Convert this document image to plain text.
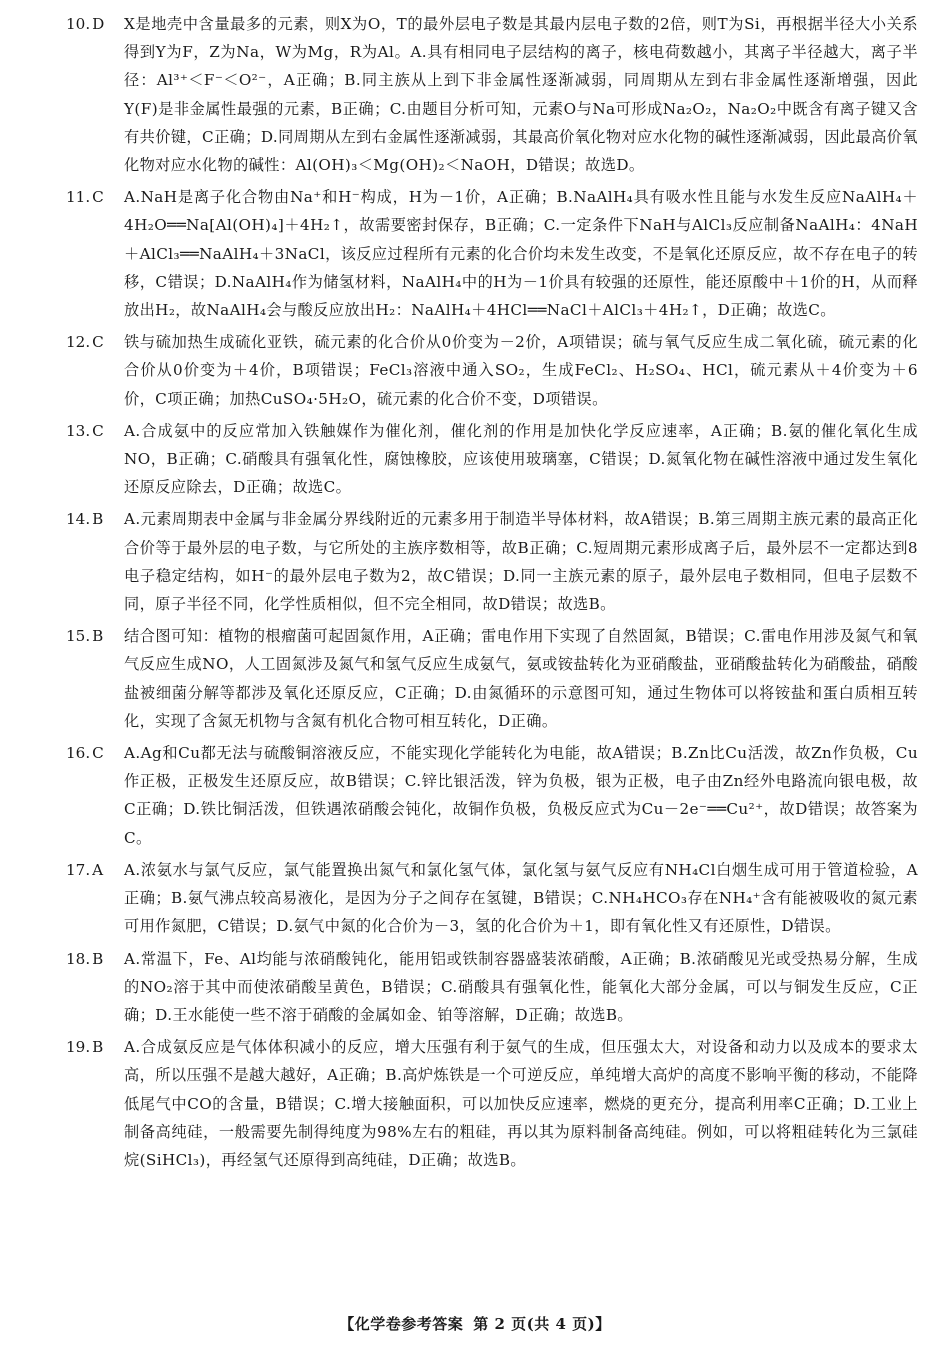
10. D	X是地壳中含量最多的元素，则X为O，T的最外层电子数是其最内层电子数的2倍，则T为Si，再根据半径大小关系得到Y为F，Z为Na，W为Mg，R为Al。A.具有相同电子层结构的离子，核电荷数越小，其离子半径越大，离子半径：Al³⁺＜F⁻＜O²⁻，A正确；B.同主族从上到下非金属性逐渐减弱，同周期从左到右非金属性逐渐增强，因此Y(F)是非金属性最强的元素，B正确；C.由题目分析可知，元素O与Na可形成Na₂O₂，Na₂O₂中既含有离子键又含有共价键，C正确；D.同周期从左到右金属性逐渐减弱，其最高价氧化物对应水化物的碱性逐渐减弱，因此最高价氧化物对应水化物的碱性：Al(OH)₃＜Mg(OH)₂＜NaOH，D错误；故选D。
11. C	A.NaH是离子化合物由Na⁺和H⁻构成，H为－1价，A正确；B.NaAlH₄具有吸水性且能与水发生反应NaAlH₄＋4H₂O══Na[Al(OH)₄]＋4H₂↑，故需要密封保存，B正确；C.一定条件下NaH与AlCl₃反应制备NaAlH₄：4NaH＋AlCl₃══NaAlH₄＋3NaCl，该反应过程所有元素的化合价均未发生改变，不是氧化还原反应，故不存在电子的转移，C错误；D.NaAlH₄作为储氢材料，NaAlH₄中的H为－1价具有较强的还原性，能还原酸中＋1价的H，从而释放出H₂，故NaAlH₄会与酸反应放出H₂：NaAlH₄＋4HCl══NaCl＋AlCl₃＋4H₂↑，D正确；故选C。
12. C	铁与硫加热生成硫化亚铁，硫元素的化合价从0价变为－2价，A项错误；硫与氧气反应生成二氧化硫，硫元素的化合价从0价变为＋4价，B项错误；FeCl₃溶液中通入SO₂，生成FeCl₂、H₂SO₄、HCl，硫元素从＋4价变为＋6价，C项正确；加热CuSO₄·5H₂O，硫元素的化合价不变，D项错误。
13. C	A.合成氨中的反应常加入铁触媒作为催化剂，催化剂的作用是加快化学反应速率，A正确；B.氨的催化氧化生成NO，B正确；C.硝酸具有强氧化性，腐蚀橡胶，应该使用玻璃塞，C错误；D.氮氧化物在碱性溶液中通过发生氧化还原反应除去，D正确；故选C。
14. B	A.元素周期表中金属与非金属分界线附近的元素多用于制造半导体材料，故A错误；B.第三周期主族元素的最高正化合价等于最外层的电子数，与它所处的主族序数相等，故B正确；C.短周期元素形成离子后，最外层不一定都达到8电子稳定结构，如H⁻的最外层电子数为2，故C错误；D.同一主族元素的原子，最外层电子数相同，但电子层数不同，原子半径不同，化学性质相似，但不完全相同，故D错误；故选B。
15. B	结合图可知：植物的根瘤菌可起固氮作用，A正确；雷电作用下实现了自然固氮，B错误；C.雷电作用涉及氮气和氧气反应生成NO，人工固氮涉及氮气和氢气反应生成氨气，氨或铵盐转化为亚硝酸盐，亚硝酸盐转化为硝酸盐，硝酸盐被细菌分解等都涉及氧化还原反应，C正确；D.由氮循环的示意图可知，通过生物体可以将铵盐和蛋白质相互转化，实现了含氮无机物与含氮有机化合物可相互转化，D正确。
16. C	A.Ag和Cu都无法与硫酸铜溶液反应，不能实现化学能转化为电能，故A错误；B.Zn比Cu活泼，故Zn作负极，Cu作正极，正极发生还原反应，故B错误；C.锌比银活泼，锌为负极，银为正极，电子由Zn经外电路流向银电极，故C正确；D.铁比铜活泼，但铁遇浓硝酸会钝化，故铜作负极，负极反应式为Cu－2e⁻══Cu²⁺，故D错误；故答案为C。
17. A	A.浓氨水与氯气反应，氯气能置换出氮气和氯化氢气体，氯化氢与氨气反应有NH₄Cl白烟生成可用于管道检验，A正确；B.氨气沸点较高易液化，是因为分子之间存在氢键，B错误；C.NH₄HCO₃存在NH₄⁺含有能被吸收的氮元素可用作氮肥，C错误；D.氨气中氮的化合价为－3，氢的化合价为＋1，即有氧化性又有还原性，D错误。
18. B	A.常温下，Fe、Al均能与浓硝酸钝化，能用铝或铁制容器盛装浓硝酸，A正确；B.浓硝酸见光或受热易分解，生成的NO₂溶于其中而使浓硝酸呈黄色，B错误；C.硝酸具有强氧化性，能氧化大部分金属，可以与铜发生反应，C正确；D.王水能使一些不溶于硝酸的金属如金、铂等溶解，D正确；故选B。
19. B	A.合成氨反应是气体体积减小的反应，增大压强有利于氨气的生成，但压强太大，对设备和动力以及成本的要求太高，所以压强不是越大越好，A正确；B.高炉炼铁是一个可逆反应，单纯增大高炉的高度不影响平衡的移动，不能降低尾气中CO的含量，B错误；C.增大接触面积，可以加快反应速率，燃烧的更充分，提高利用率C正确；D.工业上制备高纯硅，一般需要先制得纯度为98%左右的粗硅，再以其为原料制备高纯硅。例如，可以将粗硅转化为三氯硅烷(SiHCl₃)，再经氢气还原得到高纯硅，D正确；故选B。
【化学卷参考答案 第 2 页(共 4 页)】
